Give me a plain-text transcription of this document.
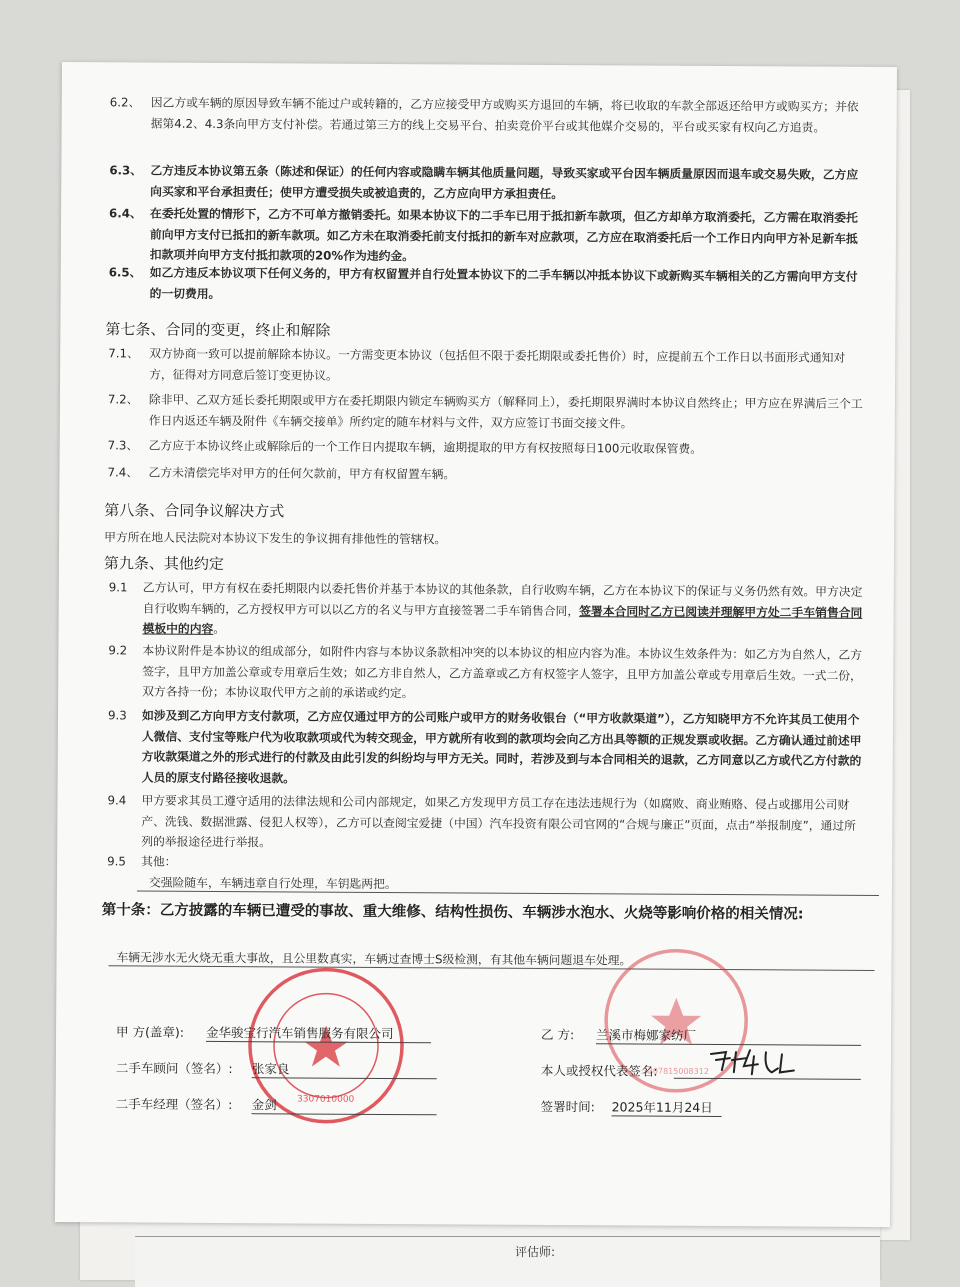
6.2、 因乙方或车辆的原因导致车辆不能过户或转籍的，乙方应接受甲方或购买方退回的车辆，将已收取的车款全部返还给甲方或购买方；并依据第4.2、4.3条向甲方支付补偿。若通过第三方的线上交易平台、拍卖竞价平台或其他媒介交易的，平台或买家有权向乙方追责。
6.3、 乙方违反本协议第五条（陈述和保证）的任何内容或隐瞒车辆其他质量问题，导致买家或平台因车辆质量原因而退车或交易失败，乙方应向买家和平台承担责任；使甲方遭受损失或被追责的，乙方应向甲方承担责任。
6.4、 在委托处置的情形下，乙方不可单方撤销委托。如果本协议下的二手车已用于抵扣新车款项，但乙方却单方取消委托，乙方需在取消委托前向甲方支付已抵扣的新车款项。如乙方未在取消委托前支付抵扣的新车对应款项，乙方应在取消委托后一个工作日内向甲方补足新车抵扣款项并向甲方支付抵扣款项的20%作为违约金。
6.5、 如乙方违反本协议项下任何义务的，甲方有权留置并自行处置本协议下的二手车辆以冲抵本协议下或新购买车辆相关的乙方需向甲方支付的一切费用。
第七条、合同的变更，终止和解除
7.1、 双方协商一致可以提前解除本协议。一方需变更本协议（包括但不限于委托期限或委托售价）时，应提前五个工作日以书面形式通知对方，征得对方同意后签订变更协议。
7.2、 除非甲、乙双方延长委托期限或甲方在委托期限内锁定车辆购买方（解释同上），委托期限界满时本协议自然终止；甲方应在界满后三个工作日内返还车辆及附件《车辆交接单》所约定的随车材料与文件，双方应签订书面交接文件。
7.3、 乙方应于本协议终止或解除后的一个工作日内提取车辆，逾期提取的甲方有权按照每日100元收取保管费。
7.4、 乙方未清偿完毕对甲方的任何欠款前，甲方有权留置车辆。
第八条、合同争议解决方式
甲方所在地人民法院对本协议下发生的争议拥有排他性的管辖权。
第九条、其他约定
9.1 乙方认可，甲方有权在委托期限内以委托售价并基于本协议的其他条款，自行收购车辆，乙方在本协议下的保证与义务仍然有效。甲方决定自行收购车辆的，乙方授权甲方可以以乙方的名义与甲方直接签署二手车销售合同，签署本合同时乙方已阅读并理解甲方处二手车销售合同模板中的内容。
9.2 本协议附件是本协议的组成部分，如附件内容与本协议条款相冲突的以本协议的相应内容为准。本协议生效条件为：如乙方为自然人，乙方签字，且甲方加盖公章或专用章后生效；如乙方非自然人，乙方盖章或乙方有权签字人签字，且甲方加盖公章或专用章后生效。一式二份，双方各持一份；本协议取代甲方之前的承诺或约定。
9.3 如涉及到乙方向甲方支付款项，乙方应仅通过甲方的公司账户或甲方的财务收银台（“甲方收款渠道”），乙方知晓甲方不允许其员工使用个人微信、支付宝等账户代为收取款项或代为转交现金，甲方就所有收到的款项均会向乙方出具等额的正规发票或收据。乙方确认通过前述甲方收款渠道之外的形式进行的付款及由此引发的纠纷均与甲方无关。同时，若涉及到与本合同相关的退款，乙方同意以乙方或代乙方付款的人员的原支付路径接收退款。
9.4 甲方要求其员工遵守适用的法律法规和公司内部规定，如果乙方发现甲方员工存在违法违规行为（如腐败、商业贿赂、侵占或挪用公司财产、洗钱、数据泄露、侵犯人权等），乙方可以查阅宝爱捷（中国）汽车投资有限公司官网的“合规与廉正”页面，点击“举报制度”，通过所列的举报途径进行举报。
9.5 其他：
交强险随车，车辆违章自行处理，车钥匙两把。
第十条：乙方披露的车辆已遭受的事故、重大维修、结构性损伤、车辆涉水泡水、火烧等影响价格的相关情况:
车辆无涉水无火烧无重大事故，且公里数真实，车辆过查博士S级检测，有其他车辆问题退车处理。
3307010000
3307815008312
甲 方(盖章): 金华骏宝行汽车销售服务有限公司
二手车顾问（签名）: 张家良
二手车经理（签名）: 金剑
乙 方: 兰溪市梅娜家纺厂
本人或授权代表签名:
签署时间: 2025年11月24日
评估师:
